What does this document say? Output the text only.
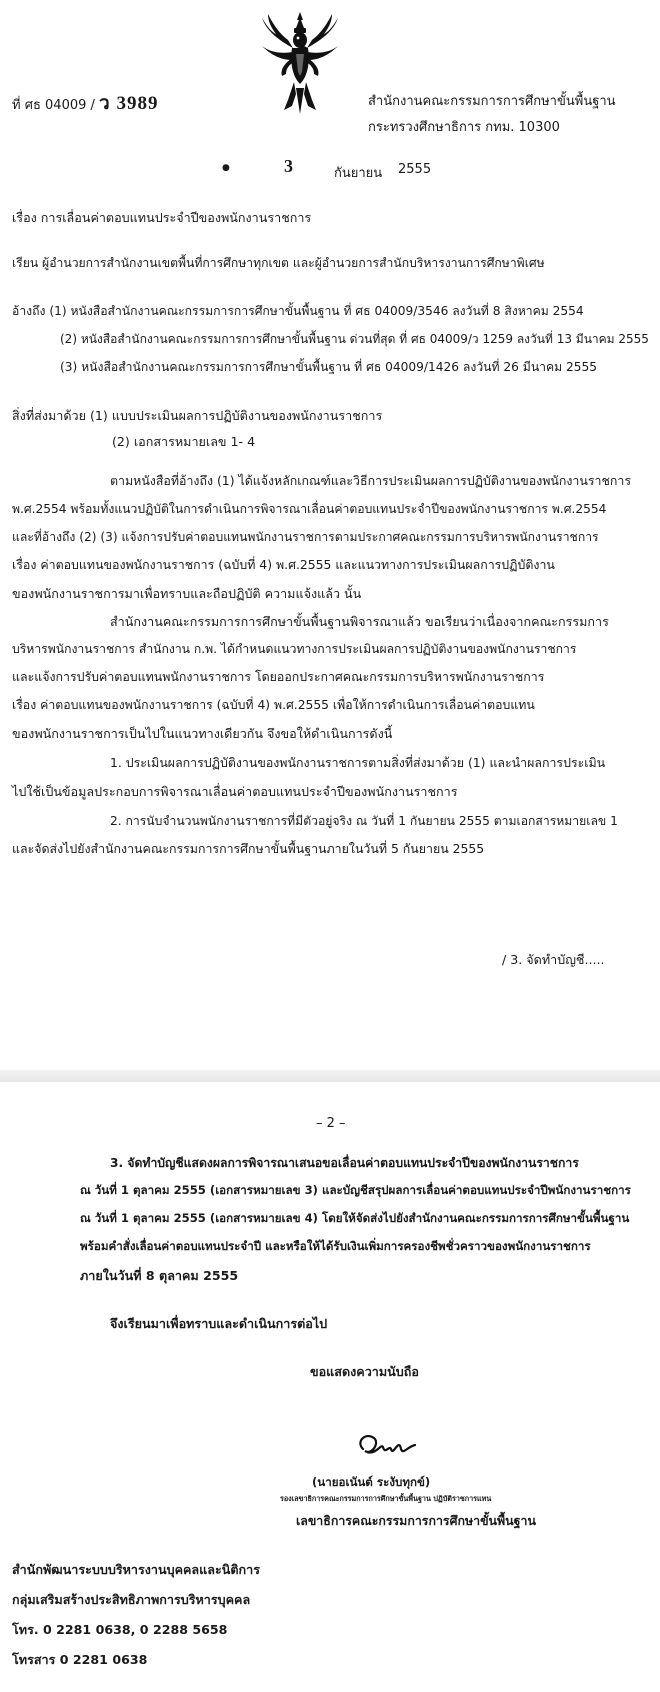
ที่ ศธ 04009 / ว 3989	สำนักงานคณะกรรมการการศึกษาขั้นพื้นฐาน
กระทรวงศึกษาธิการ กทม. 10300
●	3	กันยายน 2555
เรื่อง การเลื่อนค่าตอบแทนประจำปีของพนักงานราชการ
เรียน ผู้อำนวยการสำนักงานเขตพื้นที่การศึกษาทุกเขต และผู้อำนวยการสำนักบริหารงานการศึกษาพิเศษ
อ้างถึง (1) หนังสือสำนักงานคณะกรรมการการศึกษาขั้นพื้นฐาน ที่ ศธ 04009/3546 ลงวันที่ 8 สิงหาคม 2554
(2) หนังสือสำนักงานคณะกรรมการการศึกษาขั้นพื้นฐาน ด่วนที่สุด ที่ ศธ 04009/ว 1259 ลงวันที่ 13 มีนาคม 2555
(3) หนังสือสำนักงานคณะกรรมการการศึกษาขั้นพื้นฐาน ที่ ศธ 04009/1426 ลงวันที่ 26 มีนาคม 2555
สิ่งที่ส่งมาด้วย (1) แบบประเมินผลการปฏิบัติงานของพนักงานราชการ
(2) เอกสารหมายเลข 1- 4
ตามหนังสือที่อ้างถึง (1) ได้แจ้งหลักเกณฑ์และวิธีการประเมินผลการปฏิบัติงานของพนักงานราชการ
พ.ศ.2554 พร้อมทั้งแนวปฏิบัติในการดำเนินการพิจารณาเลื่อนค่าตอบแทนประจำปีของพนักงานราชการ พ.ศ.2554
และที่อ้างถึง (2) (3) แจ้งการปรับค่าตอบแทนพนักงานราชการตามประกาศคณะกรรมการบริหารพนักงานราชการ
เรื่อง ค่าตอบแทนของพนักงานราชการ (ฉบับที่ 4) พ.ศ.2555 และแนวทางการประเมินผลการปฏิบัติงาน
ของพนักงานราชการมาเพื่อทราบและถือปฏิบัติ ความแจ้งแล้ว นั้น
สำนักงานคณะกรรมการการศึกษาขั้นพื้นฐานพิจารณาแล้ว ขอเรียนว่าเนื่องจากคณะกรรมการ
บริหารพนักงานราชการ สำนักงาน ก.พ. ได้กำหนดแนวทางการประเมินผลการปฏิบัติงานของพนักงานราชการ
และแจ้งการปรับค่าตอบแทนพนักงานราชการ โดยออกประกาศคณะกรรมการบริหารพนักงานราชการ
เรื่อง ค่าตอบแทนของพนักงานราชการ (ฉบับที่ 4) พ.ศ.2555 เพื่อให้การดำเนินการเลื่อนค่าตอบแทน
ของพนักงานราชการเป็นไปในแนวทางเดียวกัน จึงขอให้ดำเนินการดังนี้
1. ประเมินผลการปฏิบัติงานของพนักงานราชการตามสิ่งที่ส่งมาด้วย (1) และนำผลการประเมิน
ไปใช้เป็นข้อมูลประกอบการพิจารณาเลื่อนค่าตอบแทนประจำปีของพนักงานราชการ
2. การนับจำนวนพนักงานราชการที่มีตัวอยู่จริง ณ วันที่ 1 กันยายน 2555 ตามเอกสารหมายเลข 1
และจัดส่งไปยังสำนักงานคณะกรรมการการศึกษาขั้นพื้นฐานภายในวันที่ 5 กันยายน 2555
/ 3. จัดทำบัญชี.....
– 2 –
3. จัดทำบัญชีแสดงผลการพิจารณาเสนอขอเลื่อนค่าตอบแทนประจำปีของพนักงานราชการ
ณ วันที่ 1 ตุลาคม 2555 (เอกสารหมายเลข 3) และบัญชีสรุปผลการเลื่อนค่าตอบแทนประจำปีพนักงานราชการ
ณ วันที่ 1 ตุลาคม 2555 (เอกสารหมายเลข 4) โดยให้จัดส่งไปยังสำนักงานคณะกรรมการการศึกษาขั้นพื้นฐาน
พร้อมคำสั่งเลื่อนค่าตอบแทนประจำปี และหรือให้ได้รับเงินเพิ่มการครองชีพชั่วคราวของพนักงานราชการ
ภายในวันที่ 8 ตุลาคม 2555
จึงเรียนมาเพื่อทราบและดำเนินการต่อไป
ขอแสดงความนับถือ
(นายอเนันต์ ระงับทุกข์)
รองเลขาธิการคณะกรรมการการศึกษาขั้นพื้นฐาน ปฏิบัติราชการแทน
เลขาธิการคณะกรรมการการศึกษาขั้นพื้นฐาน
สำนักพัฒนาระบบบริหารงานบุคคลและนิติการ
กลุ่มเสริมสร้างประสิทธิภาพการบริหารบุคคล
โทร. 0 2281 0638, 0 2288 5658
โทรสาร 0 2281 0638
